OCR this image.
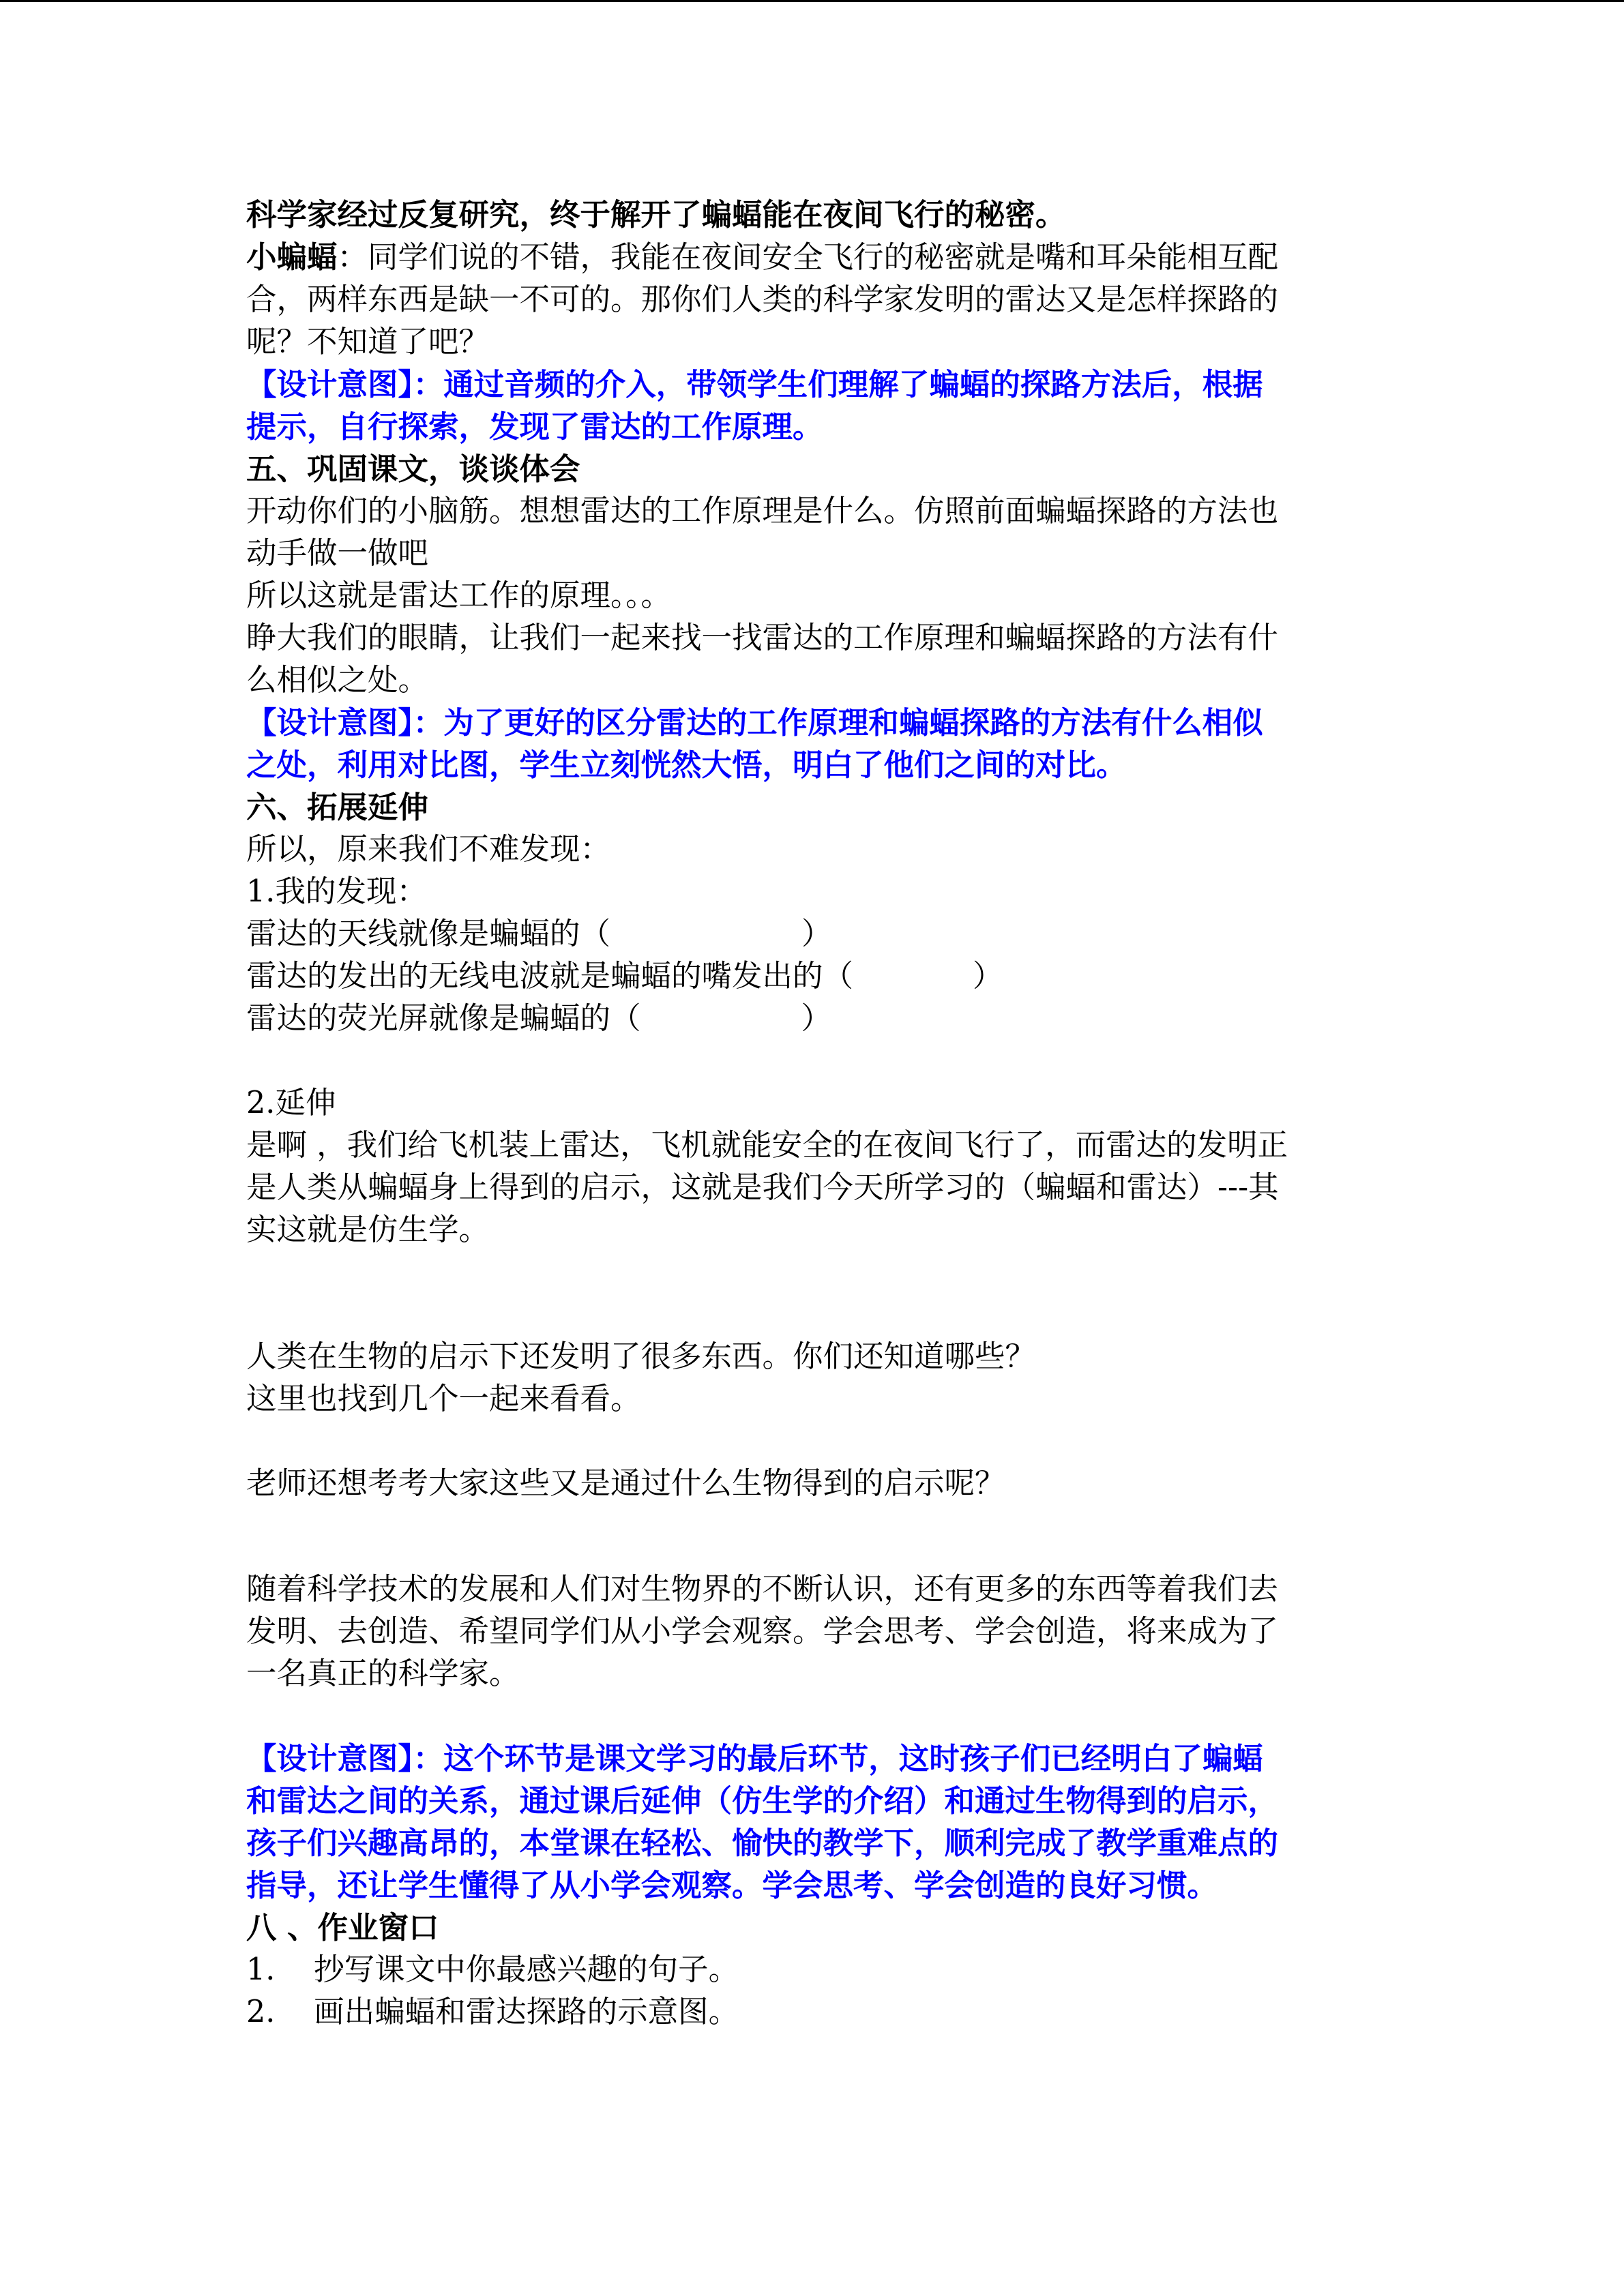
科学家经过反复研究，终于解开了蝙蝠能在夜间飞行的秘密。

小蝙蝠：同学们说的不错，我能在夜间安全飞行的秘密就是嘴和耳朵能相互配

合，两样东西是缺一不可的。那你们人类的科学家发明的雷达又是怎样探路的

呢？不知道了吧？

【设计意图】：通过音频的介入，带领学生们理解了蝙蝠的探路方法后，根据

提示，自行探索，发现了雷达的工作原理。

五、巩固课文，谈谈体会

开动你们的小脑筋。想想雷达的工作原理是什么。仿照前面蝙蝠探路的方法也

动手做一做吧

所以这就是雷达工作的原理。。。

睁大我们的眼睛，让我们一起来找一找雷达的工作原理和蝙蝠探路的方法有什

么相似之处。

【设计意图】：为了更好的区分雷达的工作原理和蝙蝠探路的方法有什么相似

之处，利用对比图，学生立刻恍然大悟，明白了他们之间的对比。

六、拓展延伸

所以，原来我们不难发现：

1.我的发现：

雷达的天线就像是蝙蝠的（	）

雷达的发出的无线电波就是蝙蝠的嘴发出的（	）

雷达的荧光屏就像是蝙蝠的（	）

2.延伸

是啊 ，我们给飞机装上雷达，飞机就能安全的在夜间飞行了，而雷达的发明正

是人类从蝙蝠身上得到的启示，这就是我们今天所学习的（蝙蝠和雷达）---其

实这就是仿生学。

人类在生物的启示下还发明了很多东西。你们还知道哪些？

这里也找到几个一起来看看。

老师还想考考大家这些又是通过什么生物得到的启示呢？

随着科学技术的发展和人们对生物界的不断认识，还有更多的东西等着我们去

发明、去创造、希望同学们从小学会观察。学会思考、学会创造，将来成为了

一名真正的科学家。

【设计意图】：这个环节是课文学习的最后环节，这时孩子们已经明白了蝙蝠

和雷达之间的关系，通过课后延伸（仿生学的介绍）和通过生物得到的启示，

孩子们兴趣高昂的，本堂课在轻松、愉快的教学下，顺利完成了教学重难点的

指导，还让学生懂得了从小学会观察。学会思考、学会创造的良好习惯。

八 、作业窗口

1. 抄写课文中你最感兴趣的句子。

2. 画出蝙蝠和雷达探路的示意图。
